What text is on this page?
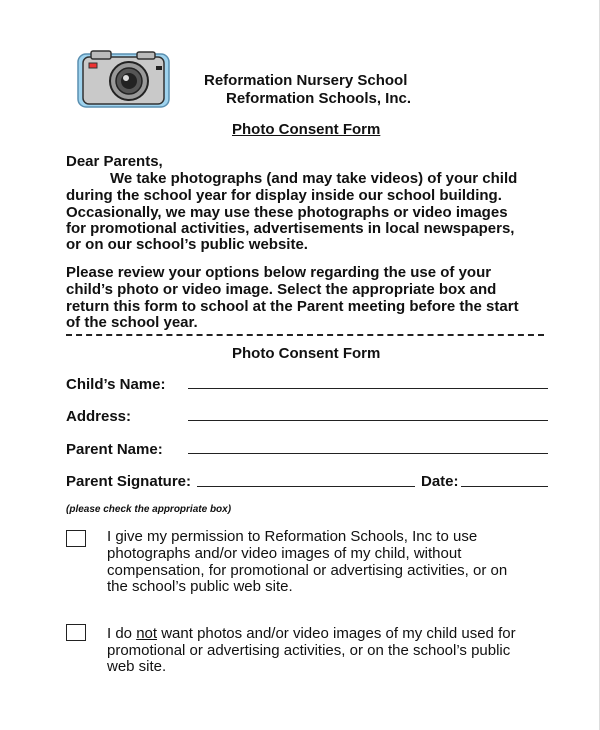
Reformation Nursery School
Reformation Schools, Inc.
Photo Consent Form
Dear Parents,
We take photographs (and may take videos) of your child
during the school year for display inside our school building.
Occasionally, we may use these photographs or video images
for promotional activities, advertisements in local newspapers,
or on our school’s public website.
Please review your options below regarding the use of your
child’s photo or video image. Select the appropriate box and
return this form to school at the Parent meeting before the start
of the school year.
Photo Consent Form
Child’s Name:
Address:
Parent Name:
Parent Signature:	Date:
(please check the appropriate box)
I give my permission to Reformation Schools, Inc to use
photographs and/or video images of my child, without
compensation, for promotional or advertising activities, or on
the school’s public web site.
I do not want photos and/or video images of my child used for
promotional or advertising activities, or on the school’s public
web site.
